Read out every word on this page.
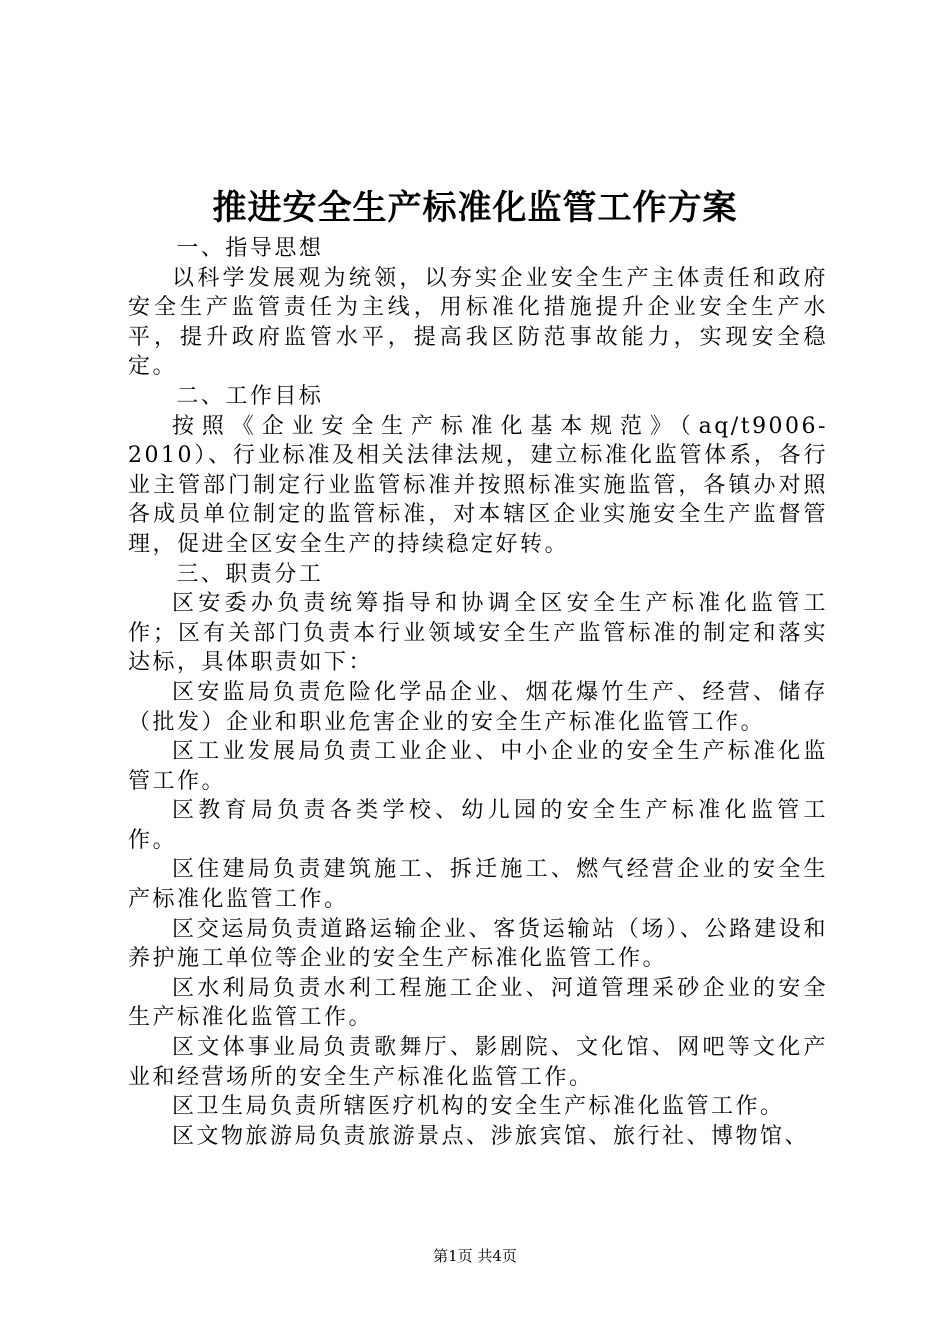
推进安全生产标准化监管工作方案

一、指导思想

以科学发展观为统领，以夯实企业安全生产主体责任和政府安全生产监管责任为主线，用标准化措施提升企业安全生产水平，提升政府监管水平，提高我区防范事故能力，实现安全稳定。

二、工作目标

按照《企业安全生产标准化基本规范》（aq/t9006-2010）、行业标准及相关法律法规，建立标准化监管体系，各行业主管部门制定行业监管标准并按照标准实施监管，各镇办对照各成员单位制定的监管标准，对本辖区企业实施安全生产监督管理，促进全区安全生产的持续稳定好转。

三、职责分工

区安委办负责统筹指导和协调全区安全生产标准化监管工作；区有关部门负责本行业领域安全生产监管标准的制定和落实达标，具体职责如下：

区安监局负责危险化学品企业、烟花爆竹生产、经营、储存（批发）企业和职业危害企业的安全生产标准化监管工作。

区工业发展局负责工业企业、中小企业的安全生产标准化监管工作。

区教育局负责各类学校、幼儿园的安全生产标准化监管工作。

区住建局负责建筑施工、拆迁施工、燃气经营企业的安全生产标准化监管工作。

区交运局负责道路运输企业、客货运输站（场）、公路建设和养护施工单位等企业的安全生产标准化监管工作。

区水利局负责水利工程施工企业、河道管理采砂企业的安全生产标准化监管工作。

区文体事业局负责歌舞厅、影剧院、文化馆、网吧等文化产业和经营场所的安全生产标准化监管工作。

区卫生局负责所辖医疗机构的安全生产标准化监管工作。

区文物旅游局负责旅游景点、涉旅宾馆、旅行社、博物馆、

第1页 共4页
